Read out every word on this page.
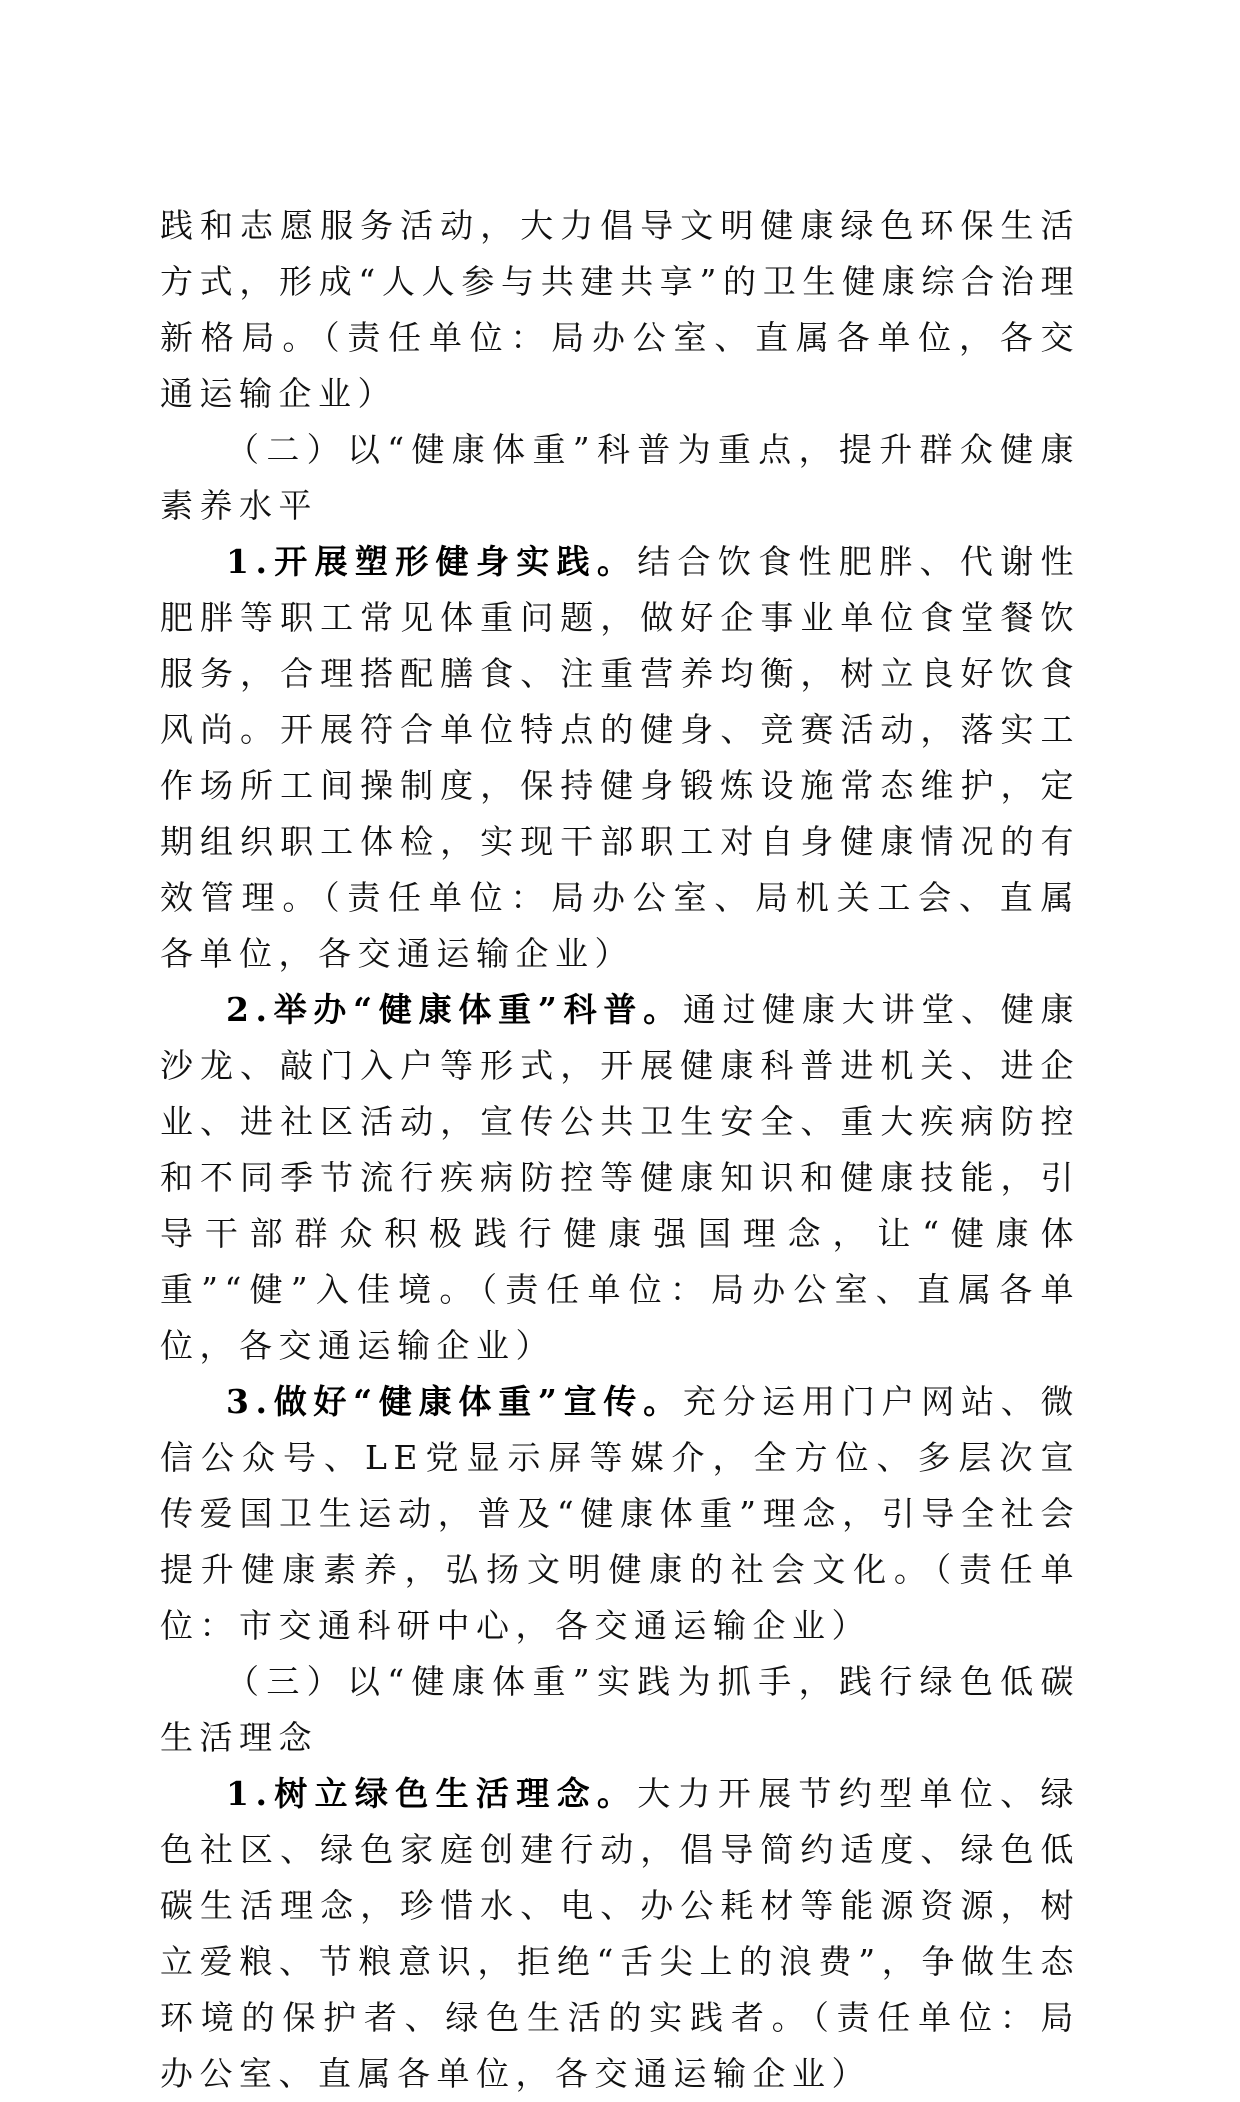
践和志愿服务活动，大力倡导文明健康绿色环保生活方式，形成“人人参与共建共享”的卫生健康综合治理新格局。（责任单位：局办公室、直属各单位，各交通运输企业）

（二）以“健康体重”科普为重点，提升群众健康素养水平

1.开展塑形健身实践。结合饮食性肥胖、代谢性肥胖等职工常见体重问题，做好企事业单位食堂餐饮服务，合理搭配膳食、注重营养均衡，树立良好饮食风尚。开展符合单位特点的健身、竞赛活动，落实工作场所工间操制度，保持健身锻炼设施常态维护，定期组织职工体检，实现干部职工对自身健康情况的有效管理。（责任单位：局办公室、局机关工会、直属各单位，各交通运输企业）

2.举办“健康体重”科普。通过健康大讲堂、健康沙龙、敲门入户等形式，开展健康科普进机关、进企业、进社区活动，宣传公共卫生安全、重大疾病防控和不同季节流行疾病防控等健康知识和健康技能，引导干部群众积极践行健康强国理念，让“健康体重”“健”入佳境。（责任单位：局办公室、直属各单位，各交通运输企业）

3.做好“健康体重”宣传。充分运用门户网站、微信公众号、LE党显示屏等媒介，全方位、多层次宣传爱国卫生运动，普及“健康体重”理念，引导全社会提升健康素养，弘扬文明健康的社会文化。（责任单位：市交通科研中心，各交通运输企业）

（三）以“健康体重”实践为抓手，践行绿色低碳生活理念

1.树立绿色生活理念。大力开展节约型单位、绿色社区、绿色家庭创建行动，倡导简约适度、绿色低碳生活理念，珍惜水、电、办公耗材等能源资源，树立爱粮、节粮意识，拒绝“舌尖上的浪费”，争做生态环境的保护者、绿色生活的实践者。（责任单位：局办公室、直属各单位，各交通运输企业）
